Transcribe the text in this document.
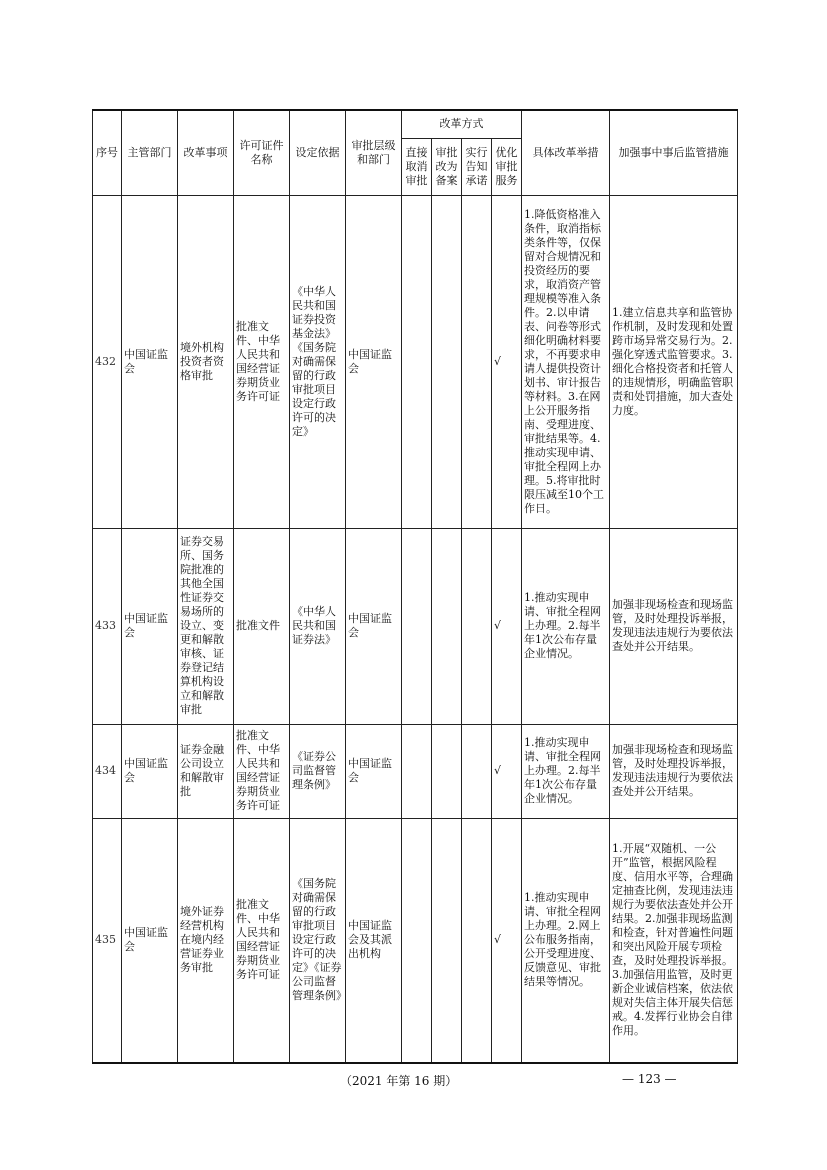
序号	主管部门	改革事项	许可证件名称	设定依据	审批层级和部门	改革方式				具体改革举措	加强事中事后监管措施
						直接取消审批	审批改为备案	实行告知承诺	优化审批服务		
432	中国证监会	境外机构投资者资格审批	批准文件、中华人民共和国经营证券期货业务许可证	《中华人民共和国证券投资基金法》《国务院对确需保留的行政审批项目设定行政许可的决定》	中国证监会				√	1.降低资格准入条件，取消指标类条件等，仅保留对合规情况和投资经历的要求，取消资产管理规模等准入条件。2.以申请表、问卷等形式细化明确材料要求，不再要求申请人提供投资计划书、审计报告等材料。3.在网上公开服务指南、受理进度、审批结果等。4.推动实现申请、审批全程网上办理。5.将审批时限压减至10个工作日。	1.建立信息共享和监管协作机制，及时发现和处置跨市场异常交易行为。2.强化穿透式监管要求。3.细化合格投资者和托管人的违规情形，明确监管职责和处罚措施，加大查处力度。
433	中国证监会	证券交易所、国务院批准的其他全国性证券交易场所的设立、变更和解散审核、证券登记结算机构设立和解散审批	批准文件	《中华人民共和国证券法》	中国证监会				√	1.推动实现申请、审批全程网上办理。2.每半年1次公布存量企业情况。	加强非现场检查和现场监管，及时处理投诉举报，发现违法违规行为要依法查处并公开结果。
434	中国证监会	证券金融公司设立和解散审批	批准文件、中华人民共和国经营证券期货业务许可证	《证券公司监督管理条例》	中国证监会				√	1.推动实现申请、审批全程网上办理。2.每半年1次公布存量企业情况。	加强非现场检查和现场监管，及时处理投诉举报，发现违法违规行为要依法查处并公开结果。
435	中国证监会	境外证券经营机构在境内经营证券业务审批	批准文件、中华人民共和国经营证券期货业务许可证	《国务院对确需保留的行政审批项目设定行政许可的决定》《证券公司监督管理条例》	中国证监会及其派出机构				√	1.推动实现申请、审批全程网上办理。2.网上公布服务指南，公开受理进度、反馈意见、审批结果等情况。	1.开展“双随机、一公开”监管，根据风险程度、信用水平等，合理确定抽查比例，发现违法违规行为要依法查处并公开结果。2.加强非现场监测和检查，针对普遍性问题和突出风险开展专项检查，及时处理投诉举报。3.加强信用监管，及时更新企业诚信档案，依法依规对失信主体开展失信惩戒。4.发挥行业协会自律作用。
（2021 年第 16 期）	— 123 —
